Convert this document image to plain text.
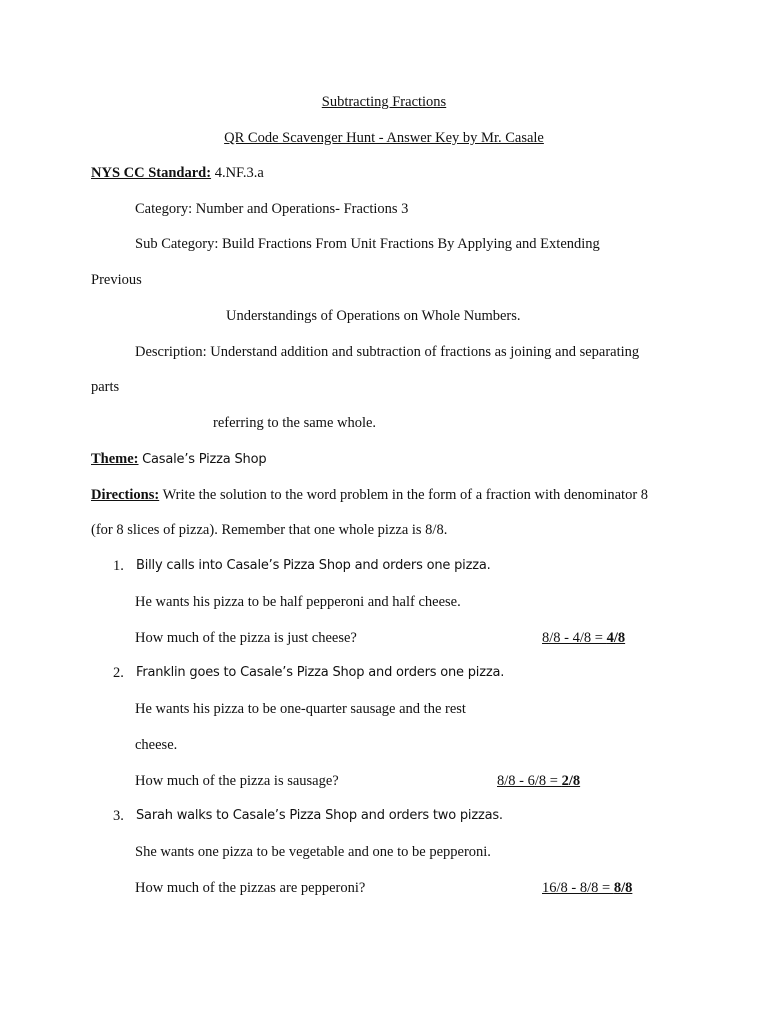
Subtracting Fractions
QR Code Scavenger Hunt - Answer Key by Mr. Casale
NYS CC Standard: 4.NF.3.a
Category: Number and Operations- Fractions 3
Sub Category: Build Fractions From Unit Fractions By Applying and Extending
Previous
Understandings of Operations on Whole Numbers.
Description: Understand addition and subtraction of fractions as joining and separating
parts
referring to the same whole.
Theme: Casale’s Pizza Shop
Directions: Write the solution to the word problem in the form of a fraction with denominator 8
(for 8 slices of pizza). Remember that one whole pizza is 8/8.
1. Billy calls into Casale’s Pizza Shop and orders one pizza.
He wants his pizza to be half pepperoni and half cheese.
How much of the pizza is just cheese?	8/8 - 4/8 = 4/8
2. Franklin goes to Casale’s Pizza Shop and orders one pizza.
He wants his pizza to be one-quarter sausage and the rest
cheese.
How much of the pizza is sausage?	8/8 - 6/8 = 2/8
3. Sarah walks to Casale’s Pizza Shop and orders two pizzas.
She wants one pizza to be vegetable and one to be pepperoni.
How much of the pizzas are pepperoni?	16/8 - 8/8 = 8/8
